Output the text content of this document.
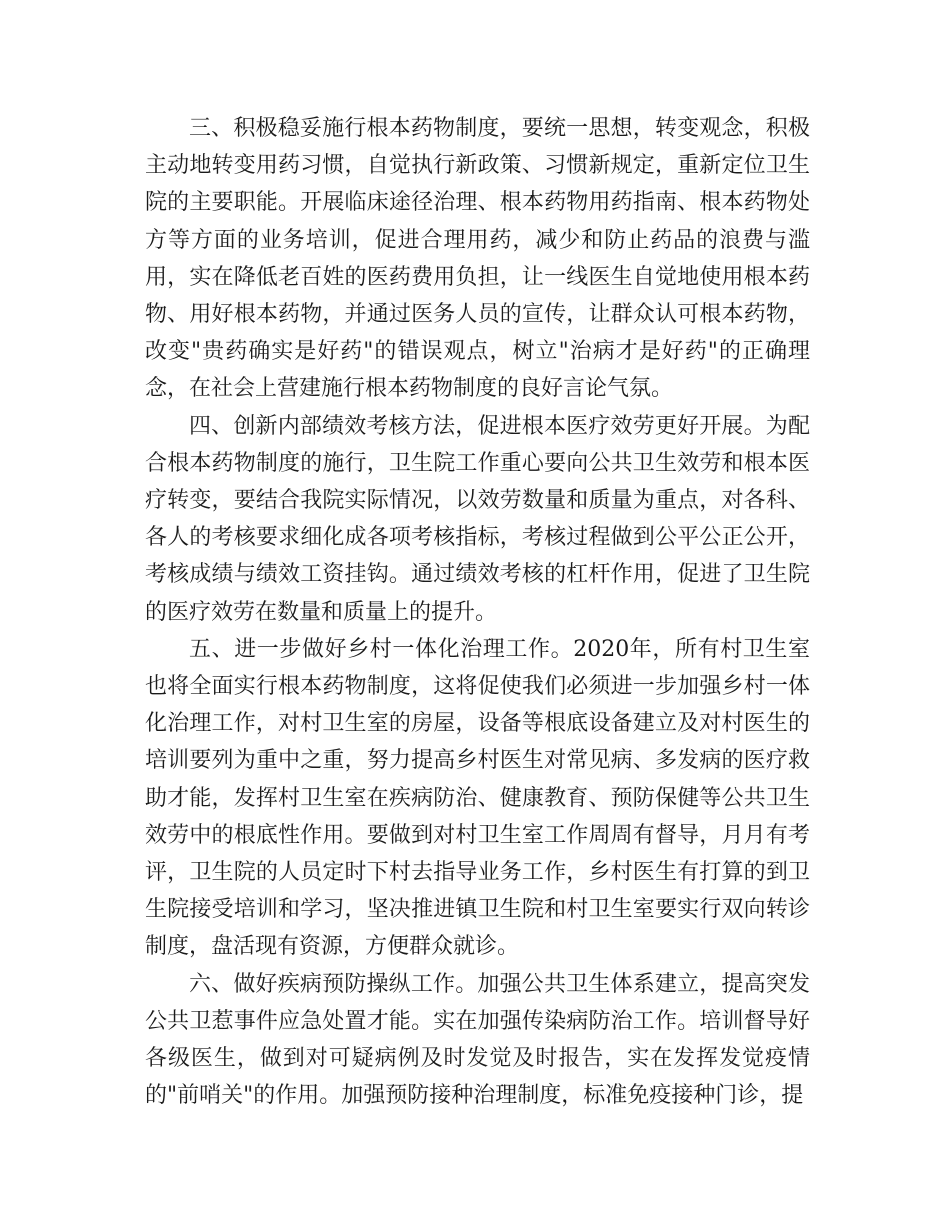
三、积极稳妥施行根本药物制度，要统一思想，转变观念，积极主动地转变用药习惯，自觉执行新政策、习惯新规定，重新定位卫生院的主要职能。开展临床途径治理、根本药物用药指南、根本药物处方等方面的业务培训，促进合理用药，减少和防止药品的浪费与滥用，实在降低老百姓的医药费用负担，让一线医生自觉地使用根本药物、用好根本药物，并通过医务人员的宣传，让群众认可根本药物，改变"贵药确实是好药"的错误观点，树立"治病才是好药"的正确理念，在社会上营建施行根本药物制度的良好言论气氛。

四、创新内部绩效考核方法，促进根本医疗效劳更好开展。为配合根本药物制度的施行，卫生院工作重心要向公共卫生效劳和根本医疗转变，要结合我院实际情况，以效劳数量和质量为重点，对各科、各人的考核要求细化成各项考核指标，考核过程做到公平公正公开，考核成绩与绩效工资挂钩。通过绩效考核的杠杆作用，促进了卫生院的医疗效劳在数量和质量上的提升。

五、进一步做好乡村一体化治理工作。2020年，所有村卫生室也将全面实行根本药物制度，这将促使我们必须进一步加强乡村一体化治理工作，对村卫生室的房屋，设备等根底设备建立及对村医生的培训要列为重中之重，努力提高乡村医生对常见病、多发病的医疗救助才能，发挥村卫生室在疾病防治、健康教育、预防保健等公共卫生效劳中的根底性作用。要做到对村卫生室工作周周有督导，月月有考评，卫生院的人员定时下村去指导业务工作，乡村医生有打算的到卫生院接受培训和学习，坚决推进镇卫生院和村卫生室要实行双向转诊制度，盘活现有资源，方便群众就诊。

六、做好疾病预防操纵工作。加强公共卫生体系建立，提高突发公共卫惹事件应急处置才能。实在加强传染病防治工作。培训督导好各级医生，做到对可疑病例及时发觉及时报告，实在发挥发觉疫情的"前哨关"的作用。加强预防接种治理制度，标准免疫接种门诊，提
